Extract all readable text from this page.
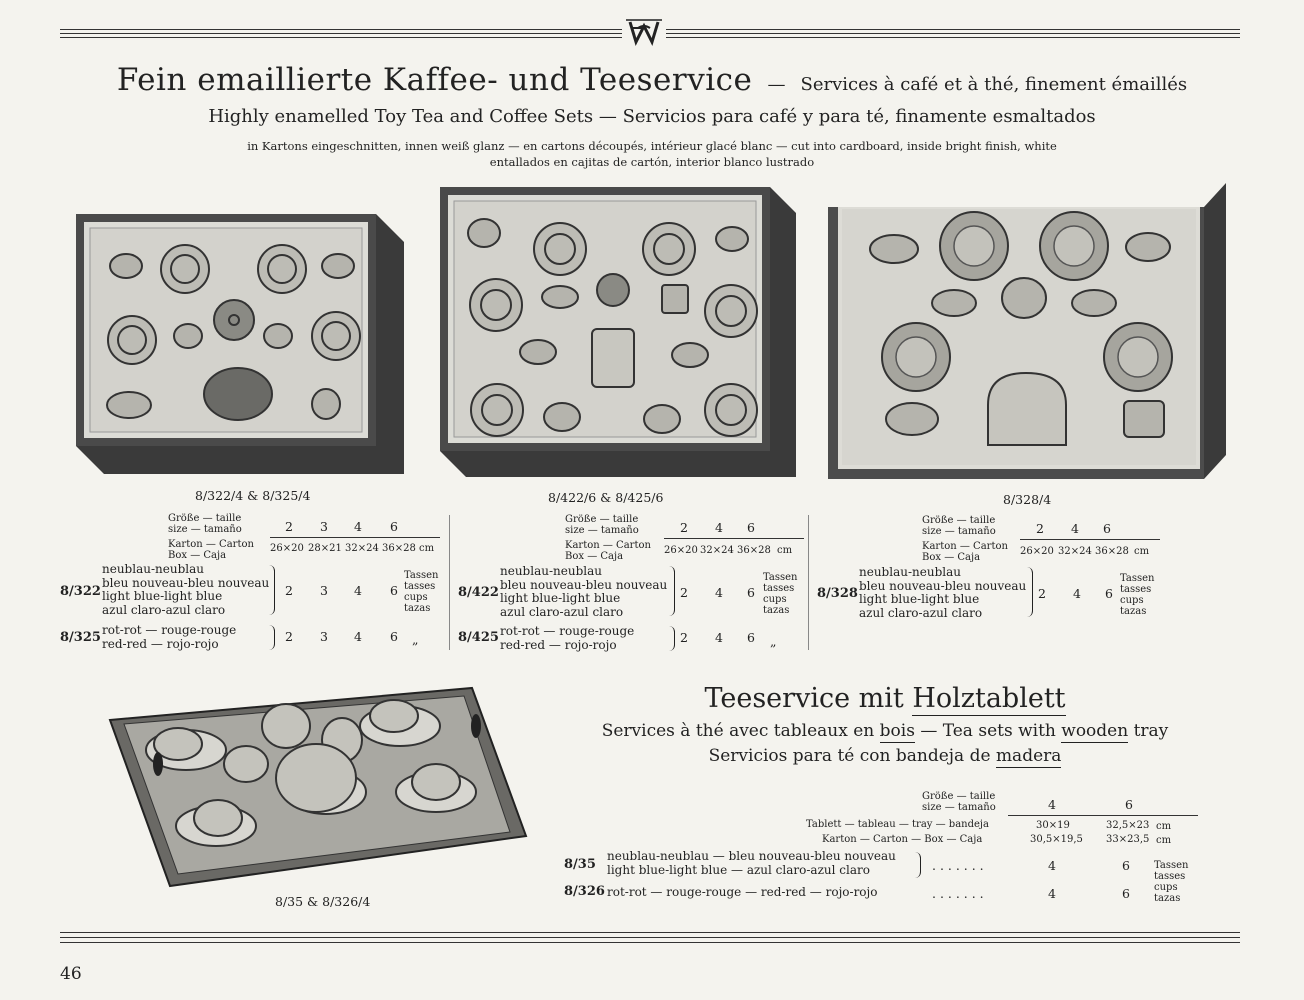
Fein emaillierte Kaffee- und Teeservice — Services à café et à thé, finement émaillés
Highly enamelled Toy Tea and Coffee Sets — Servicios para café y para té, finamente esmaltados
in Kartons eingeschnitten, innen weiß glanz — en cartons découpés, intérieur glacé blanc — cut into cardboard, inside bright finish, white
entallados en cajitas de cartón, interior blanco lustrado
8/322/4 & 8/325/4	8/422/6 & 8/425/6	8/328/4
Größe — taille
size — tamaño	2 3 4 6
Karton — Carton
Box — Caja
26×20 28×21 32×24 36×28 cm
8/322
neublau-neublau
bleu nouveau-bleu nouveau
light blue-light blue
azul claro-azul claro
2 3 4 6
Tassen
tasses
cups
tazas
8/325 rot-rot — rouge-rouge
red-red — rojo-rojo	2 3 4 6 „
Größe — taille
size — tamaño	2 4 6
Karton — Carton
Box — Caja
26×20 32×24 36×28 cm
8/422
neublau-neublau
bleu nouveau-bleu nouveau
light blue-light blue
azul claro-azul claro
2 4 6
Tassen
tasses
cups
tazas
8/425 rot-rot — rouge-rouge
red-red — rojo-rojo	2 4 6 „
Größe — taille
size — tamaño	2 4 6
Karton — Carton
Box — Caja
26×20 32×24 36×28 cm
8/328
neublau-neublau
bleu nouveau-bleu nouveau
light blue-light blue
azul claro-azul claro
2 4 6
Tassen
tasses
cups
tazas
8/35 & 8/326/4
Teeservice mit Holztablett
Services à thé avec tableaux en bois — Tea sets with wooden tray
Servicios para té con bandeja de madera
Größe — taille
size — tamaño	4	6
Tablett — tableau — tray — bandeja	30×19	32,5×23 cm
Karton — Carton — Box — Caja	30,5×19,5 33×23,5 cm
8/35
neublau-neublau — bleu nouveau-bleu nouveau
light blue-light blue — azul claro-azul claro	. . . . . . .	4	6
8/326 rot-rot — rouge-rouge — red-red — rojo-rojo	. . . . . . .	4	6
Tassen
tasses
cups
tazas
46
